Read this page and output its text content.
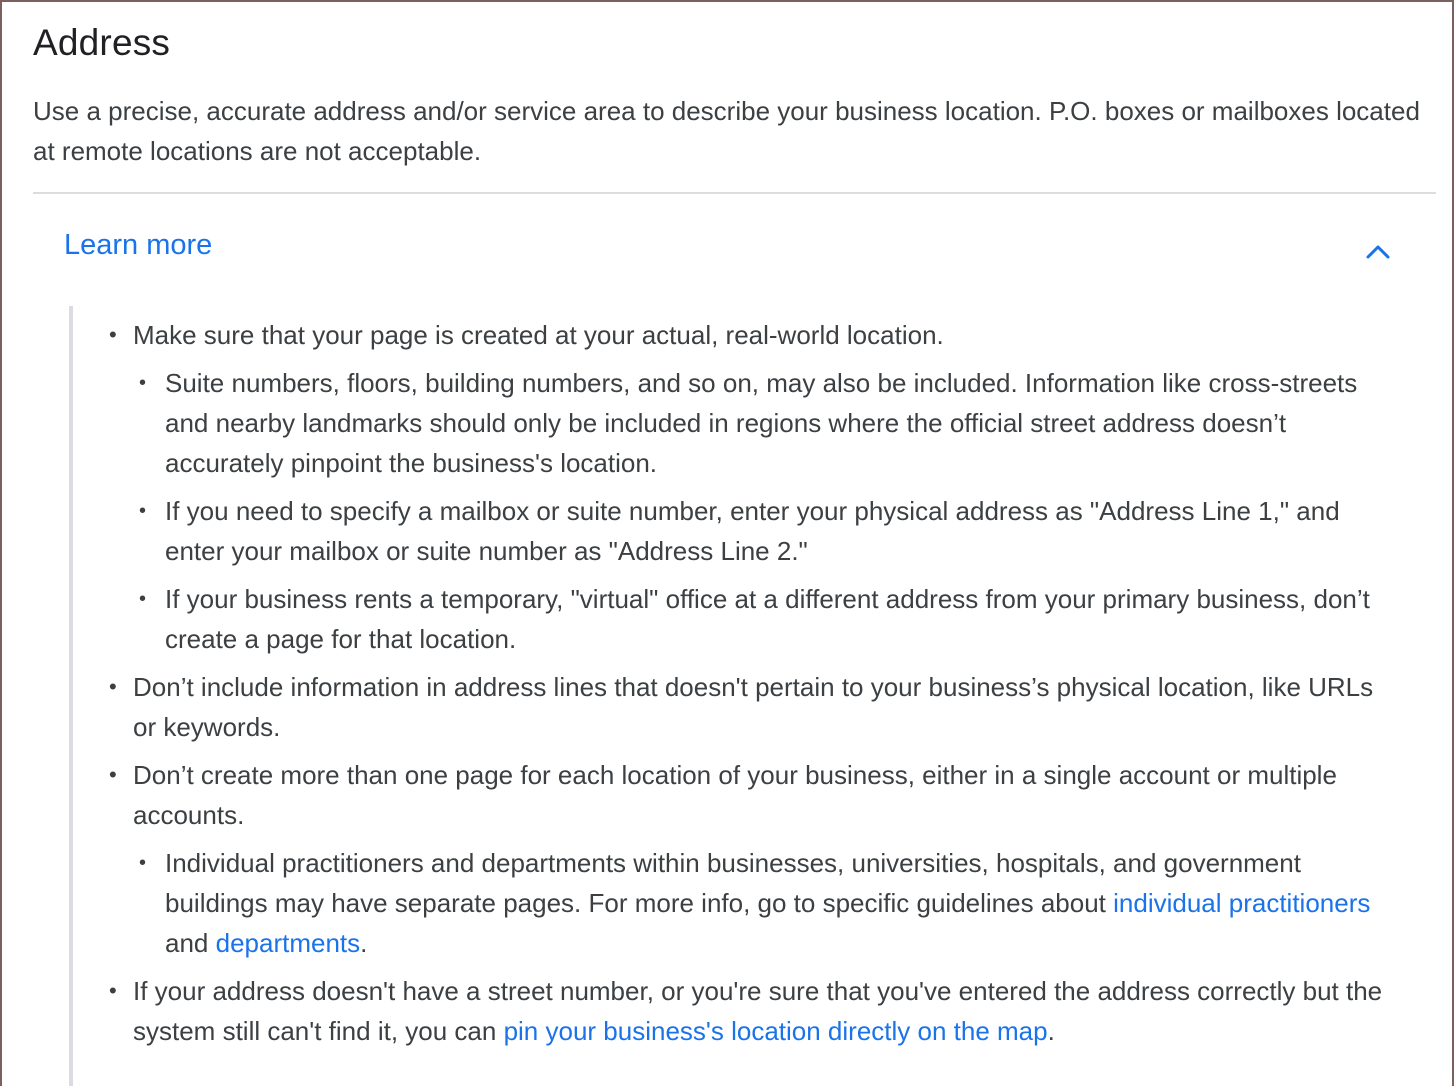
Address

Use a precise, accurate address and/or service area to describe your business location. P.O. boxes or mailboxes located at remote locations are not acceptable.

Learn more
• Make sure that your page is created at your actual, real-world location.
• Suite numbers, floors, building numbers, and so on, may also be included. Information like cross-streets and nearby landmarks should only be included in regions where the official street address doesn’t accurately pinpoint the business's location.
• If you need to specify a mailbox or suite number, enter your physical address as "Address Line 1," and enter your mailbox or suite number as "Address Line 2."
• If your business rents a temporary, "virtual" office at a different address from your primary business, don’t create a page for that location.
• Don’t include information in address lines that doesn't pertain to your business’s physical location, like URLs or keywords.
• Don’t create more than one page for each location of your business, either in a single account or multiple accounts.
• Individual practitioners and departments within businesses, universities, hospitals, and government buildings may have separate pages. For more info, go to specific guidelines about individual practitioners and departments.
• If your address doesn't have a street number, or you're sure that you've entered the address correctly but the system still can't find it, you can pin your business's location directly on the map.
